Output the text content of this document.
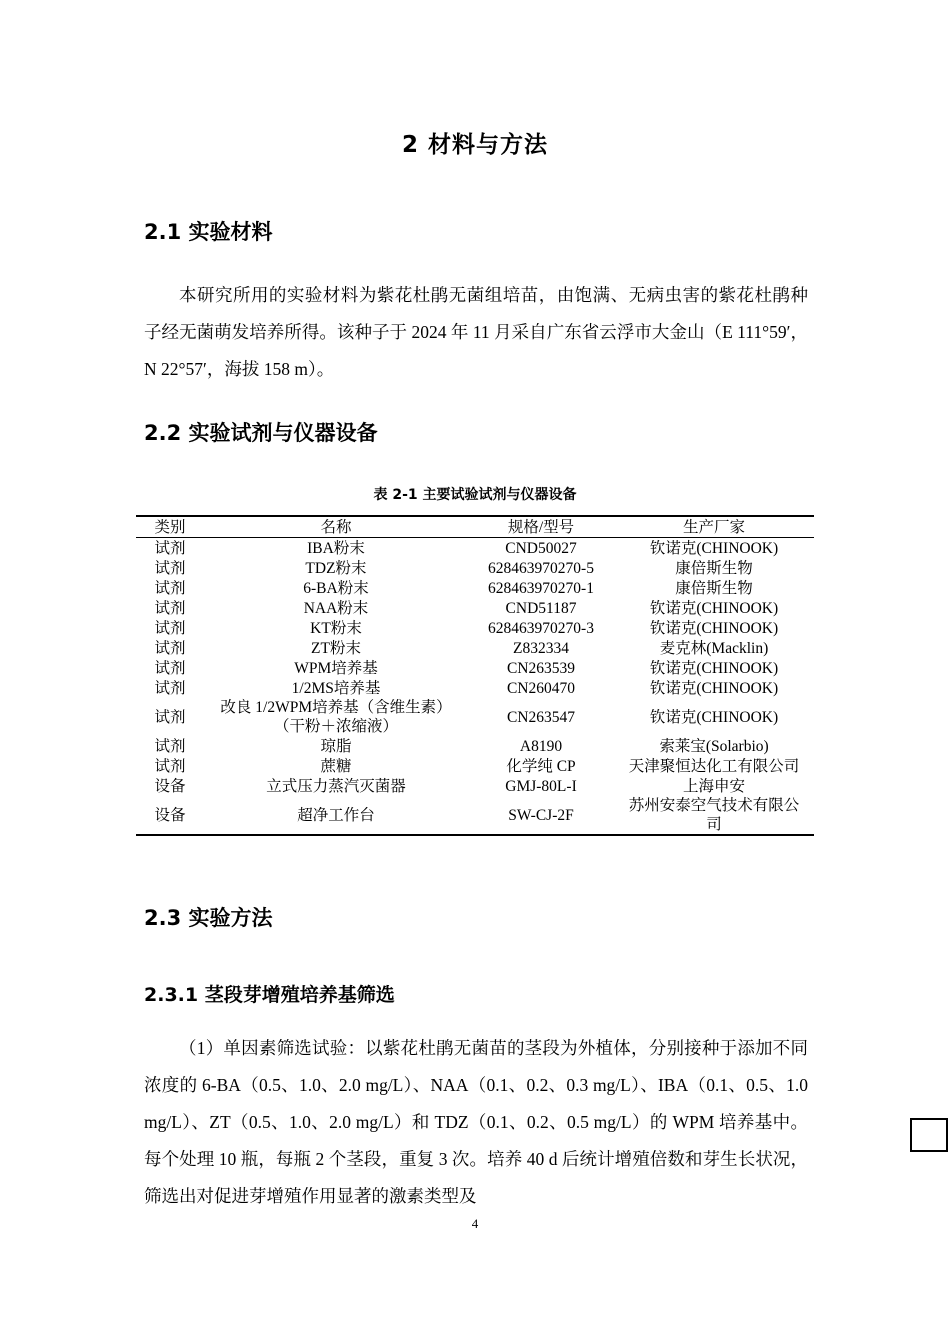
2 材料与方法
2.1 实验材料

本研究所用的实验材料为紫花杜鹃无菌组培苗，由饱满、无病虫害的紫花杜鹃种子经无菌萌发培养所得。该种子于 2024 年 11 月采自广东省云浮市大金山（E 111°59′，N 22°57′，海拔 158 m）。

2.2 实验试剂与仪器设备
表 2-1 主要试验试剂与仪器设备
类别	名称	规格/型号	生产厂家
试剂	IBA粉末	CND50027	钦诺克(CHINOOK)
试剂	TDZ粉末	628463970270-5	康倍斯生物
试剂	6-BA粉末	628463970270-1	康倍斯生物
试剂	NAA粉末	CND51187	钦诺克(CHINOOK)
试剂	KT粉末	628463970270-3	钦诺克(CHINOOK)
试剂	ZT粉末	Z832334	麦克林(Macklin)
试剂	WPM培养基	CN263539	钦诺克(CHINOOK)
试剂	1/2MS培养基	CN260470	钦诺克(CHINOOK)
试剂	改良 1/2WPM培养基（含维生素）
（干粉＋浓缩液）	CN263547	钦诺克(CHINOOK)
试剂	琼脂	A8190	索莱宝(Solarbio)
试剂	蔗糖	化学纯 CP	天津聚恒达化工有限公司
设备	立式压力蒸汽灭菌器	GMJ-80L-I	上海申安
设备	超净工作台	SW-CJ-2F	苏州安泰空气技术有限公
司
2.3 实验方法
2.3.1 茎段芽增殖培养基筛选

（1）单因素筛选试验：以紫花杜鹃无菌苗的茎段为外植体，分别接种于添加不同浓度的 6-BA（0.5、1.0、2.0 mg/L）、NAA（0.1、0.2、0.3 mg/L）、IBA（0.1、0.5、1.0 mg/L）、ZT（0.5、1.0、2.0 mg/L）和 TDZ（0.1、0.2、0.5 mg/L）的 WPM 培养基中。每个处理 10 瓶，每瓶 2 个茎段，重复 3 次。培养 40 d 后统计增殖倍数和芽生长状况，筛选出对促进芽增殖作用显著的激素类型及

4
